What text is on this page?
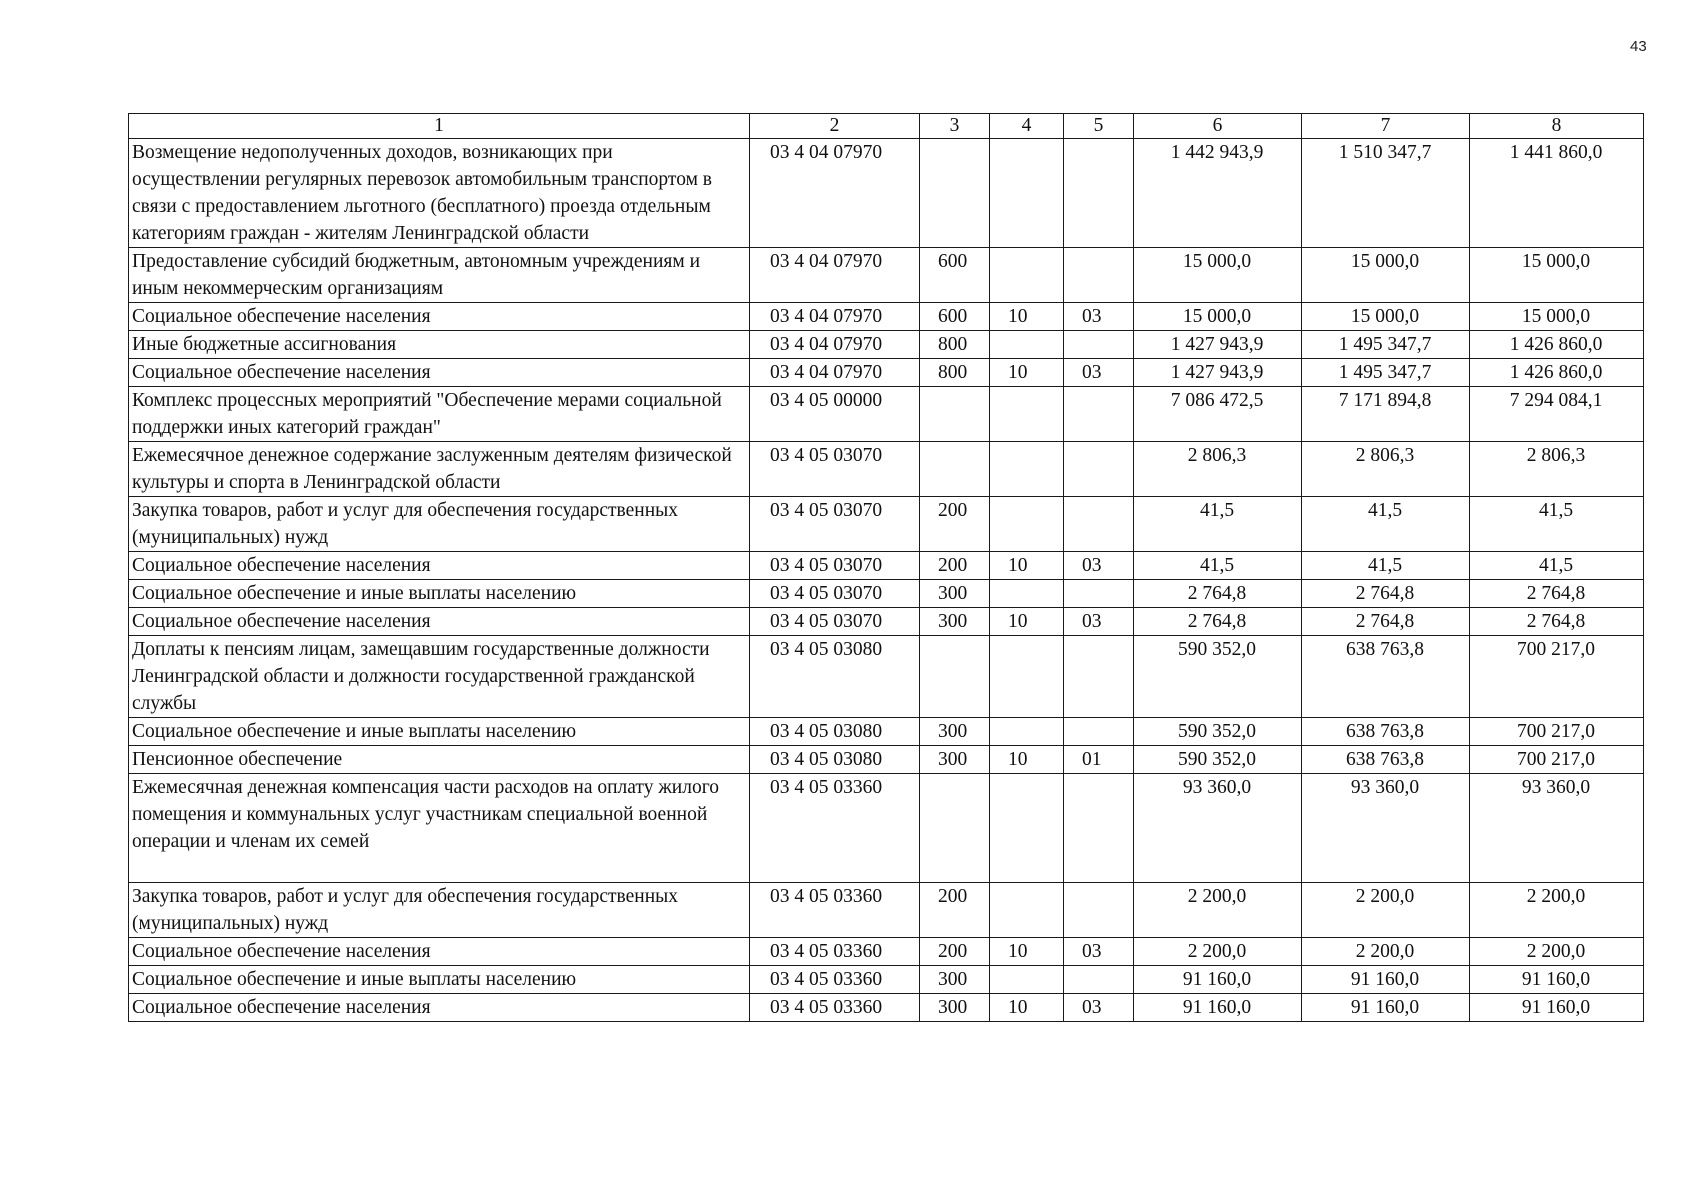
43
1	2	3	4	5	6	7	8
Возмещение недополученных доходов, возникающих при осуществлении регулярных перевозок автомобильным транспортом в связи с предоставлением льготного (бесплатного) проезда отдельным категориям граждан - жителям Ленинградской области	03 4 04 07970				1 442 943,9	1 510 347,7	1 441 860,0
Предоставление субсидий бюджетным, автономным учреждениям и иным некоммерческим организациям	03 4 04 07970	600			15 000,0	15 000,0	15 000,0
Социальное обеспечение населения	03 4 04 07970	600	10	03	15 000,0	15 000,0	15 000,0
Иные бюджетные ассигнования	03 4 04 07970	800			1 427 943,9	1 495 347,7	1 426 860,0
Социальное обеспечение населения	03 4 04 07970	800	10	03	1 427 943,9	1 495 347,7	1 426 860,0
Комплекс процессных мероприятий "Обеспечение мерами социальной поддержки иных категорий граждан"	03 4 05 00000				7 086 472,5	7 171 894,8	7 294 084,1
Ежемесячное денежное содержание заслуженным деятелям физической культуры и спорта в Ленинградской области	03 4 05 03070				2 806,3	2 806,3	2 806,3
Закупка товаров, работ и услуг для обеспечения государственных (муниципальных) нужд	03 4 05 03070	200			41,5	41,5	41,5
Социальное обеспечение населения	03 4 05 03070	200	10	03	41,5	41,5	41,5
Социальное обеспечение и иные выплаты населению	03 4 05 03070	300			2 764,8	2 764,8	2 764,8
Социальное обеспечение населения	03 4 05 03070	300	10	03	2 764,8	2 764,8	2 764,8
Доплаты к пенсиям лицам, замещавшим государственные должности Ленинградской области и должности государственной гражданской службы	03 4 05 03080				590 352,0	638 763,8	700 217,0
Социальное обеспечение и иные выплаты населению	03 4 05 03080	300			590 352,0	638 763,8	700 217,0
Пенсионное обеспечение	03 4 05 03080	300	10	01	590 352,0	638 763,8	700 217,0
Ежемесячная денежная компенсация части расходов на оплату жилого помещения и коммунальных услуг участникам специальной военной операции и членам их семей	03 4 05 03360				93 360,0	93 360,0	93 360,0
Закупка товаров, работ и услуг для обеспечения государственных (муниципальных) нужд	03 4 05 03360	200			2 200,0	2 200,0	2 200,0
Социальное обеспечение населения	03 4 05 03360	200	10	03	2 200,0	2 200,0	2 200,0
Социальное обеспечение и иные выплаты населению	03 4 05 03360	300			91 160,0	91 160,0	91 160,0
Социальное обеспечение населения	03 4 05 03360	300	10	03	91 160,0	91 160,0	91 160,0
